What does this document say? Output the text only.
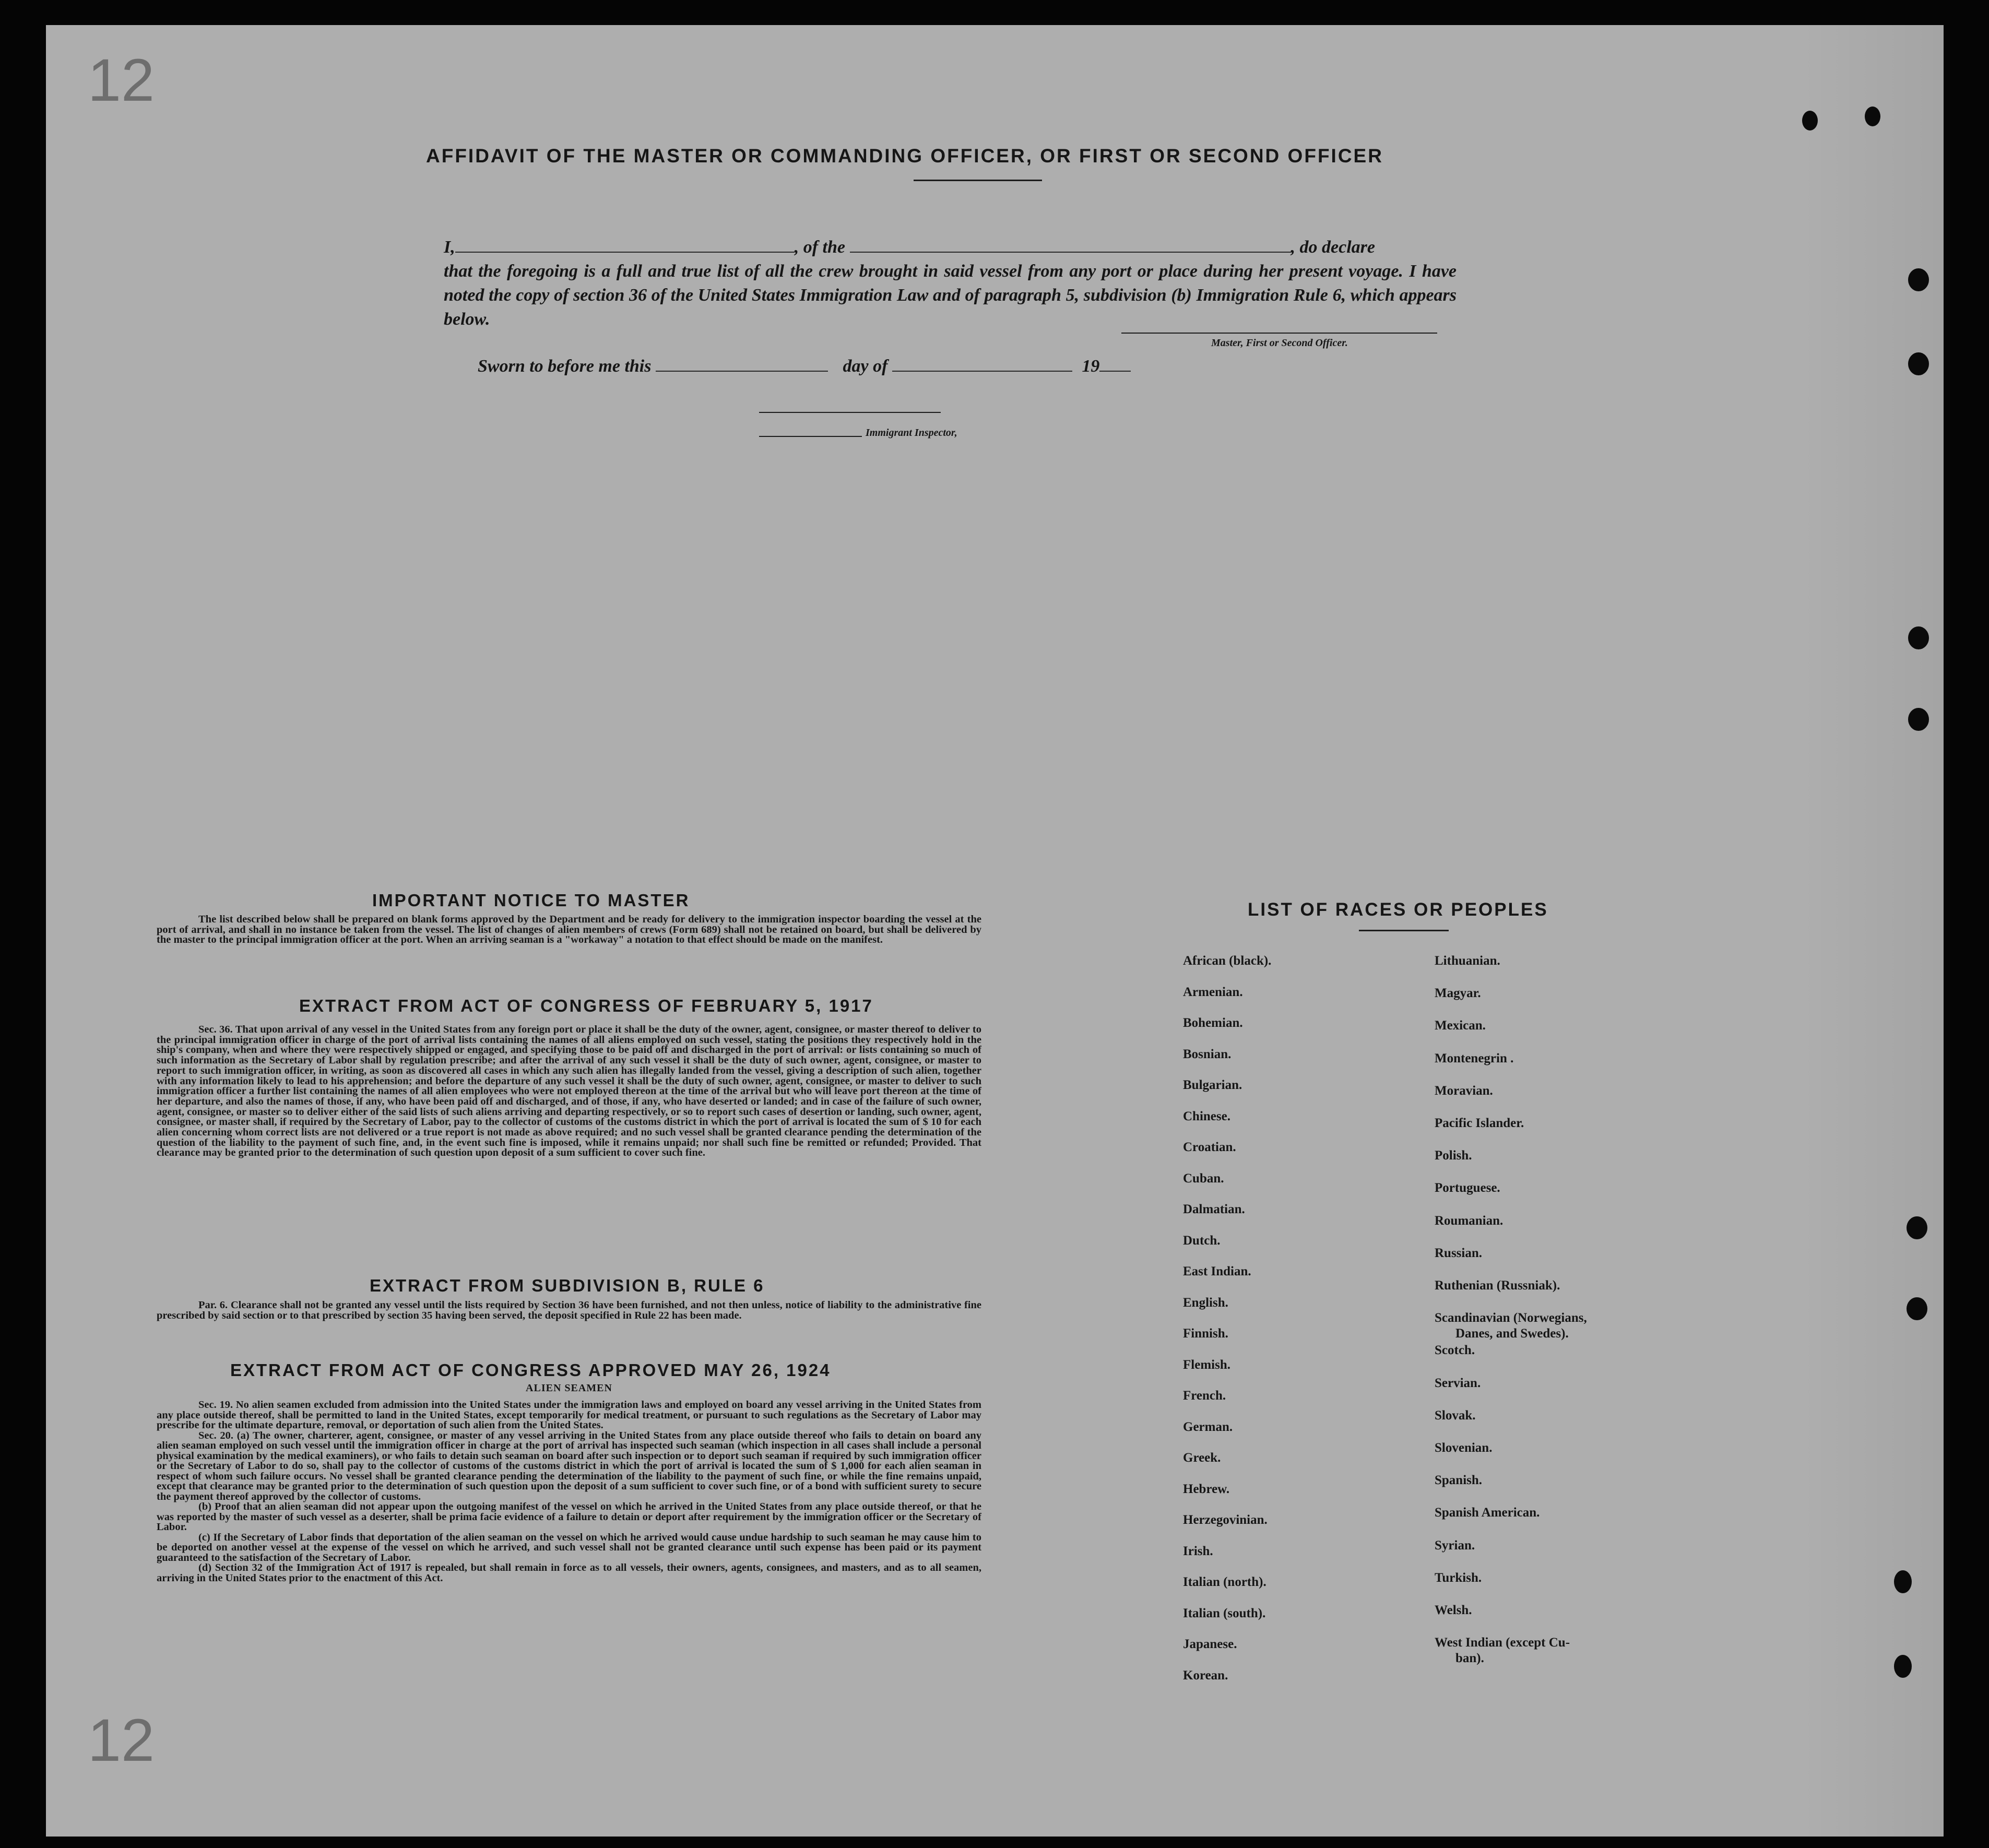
12
12
AFFIDAVIT OF THE MASTER OR COMMANDING OFFICER, OR FIRST OR SECOND OFFICER
I,	, of the	, do declare
that the foregoing is a full and true list of all the crew brought in said vessel from any port or place during her present voyage. I have noted the copy of section 36 of the United States Immigration Law and of paragraph 5, subdivision (b) Immigration Rule 6, which appears below.
Master, First or Second Officer.
Sworn to before me this	day of	19
Immigrant Inspector,
IMPORTANT NOTICE TO MASTER

The list described below shall be prepared on blank forms approved by the Department and be ready for delivery to the immigration inspector boarding the vessel at the port of arrival, and shall in no instance be taken from the vessel. The list of changes of alien members of crews (Form 689) shall not be retained on board, but shall be delivered by the master to the principal immigration officer at the port. When an arriving seaman is a "workaway" a notation to that effect should be made on the manifest.

EXTRACT FROM ACT OF CONGRESS OF FEBRUARY 5, 1917

Sec. 36. That upon arrival of any vessel in the United States from any foreign port or place it shall be the duty of the owner, agent, consignee, or master thereof to deliver to the principal immigration officer in charge of the port of arrival lists containing the names of all aliens employed on such vessel, stating the positions they respectively hold in the ship's company, when and where they were respectively shipped or engaged, and specifying those to be paid off and discharged in the port of arrival: or lists containing so much of such information as the Secretary of Labor shall by regulation prescribe; and after the arrival of any such vessel it shall be the duty of such owner, agent, consignee, or master to report to such immigration officer, in writing, as soon as discovered all cases in which any such alien has illegally landed from the vessel, giving a description of such alien, together with any information likely to lead to his apprehension; and before the departure of any such vessel it shall be the duty of such owner, agent, consignee, or master to deliver to such immigration officer a further list containing the names of all alien employees who were not employed thereon at the time of the arrival but who will leave port thereon at the time of her departure, and also the names of those, if any, who have been paid off and discharged, and of those, if any, who have deserted or landed; and in case of the failure of such owner, agent, consignee, or master so to deliver either of the said lists of such aliens arriving and departing respectively, or so to report such cases of desertion or landing, such owner, agent, consignee, or master shall, if required by the Secretary of Labor, pay to the collector of customs of the customs district in which the port of arrival is located the sum of $ 10 for each alien concerning whom correct lists are not delivered or a true report is not made as above required; and no such vessel shall be granted clearance pending the determination of the question of the liability to the payment of such fine, and, in the event such fine is imposed, while it remains unpaid; nor shall such fine be remitted or refunded; Provided. That clearance may be granted prior to the determination of such question upon deposit of a sum sufficient to cover such fine.

EXTRACT FROM SUBDIVISION B, RULE 6

Par. 6. Clearance shall not be granted any vessel until the lists required by Section 36 have been furnished, and not then unless, notice of liability to the administrative fine prescribed by said section or to that prescribed by section 35 having been served, the deposit specified in Rule 22 has been made.

EXTRACT FROM ACT OF CONGRESS APPROVED MAY 26, 1924
ALIEN SEAMEN

Sec. 19. No alien seamen excluded from admission into the United States under the immigration laws and employed on board any vessel arriving in the United States from any place outside thereof, shall be permitted to land in the United States, except temporarily for medical treatment, or pursuant to such regulations as the Secretary of Labor may prescribe for the ultimate departure, removal, or deportation of such alien from the United States.

Sec. 20. (a) The owner, charterer, agent, consignee, or master of any vessel arriving in the United States from any place outside thereof who fails to detain on board any alien seaman employed on such vessel until the immigration officer in charge at the port of arrival has inspected such seaman (which inspection in all cases shall include a personal physical examination by the medical examiners), or who fails to detain such seaman on board after such inspection or to deport such seaman if required by such immigration officer or the Secretary of Labor to do so, shall pay to the collector of customs of the customs district in which the port of arrival is located the sum of $ 1,000 for each alien seaman in respect of whom such failure occurs. No vessel shall be granted clearance pending the determination of the liability to the payment of such fine, or while the fine remains unpaid, except that clearance may be granted prior to the determination of such question upon the deposit of a sum sufficient to cover such fine, or of a bond with sufficient surety to secure the payment thereof approved by the collector of customs.

(b) Proof that an alien seaman did not appear upon the outgoing manifest of the vessel on which he arrived in the United States from any place outside thereof, or that he was reported by the master of such vessel as a deserter, shall be prima facie evidence of a failure to detain or deport after requirement by the immigration officer or the Secretary of Labor.

(c) If the Secretary of Labor finds that deportation of the alien seaman on the vessel on which he arrived would cause undue hardship to such seaman he may cause him to be deported on another vessel at the expense of the vessel on which he arrived, and such vessel shall not be granted clearance until such expense has been paid or its payment guaranteed to the satisfaction of the Secretary of Labor.

(d) Section 32 of the Immigration Act of 1917 is repealed, but shall remain in force as to all vessels, their owners, agents, consignees, and masters, and as to all seamen, arriving in the United States prior to the enactment of this Act.

LIST OF RACES OR PEOPLES
African (black).
Armenian.
Bohemian.
Bosnian.
Bulgarian.
Chinese.
Croatian.
Cuban.
Dalmatian.
Dutch.
East Indian.
English.
Finnish.
Flemish.
French.
German.
Greek.
Hebrew.
Herzegovinian.
Irish.
Italian (north).
Italian (south).
Japanese.
Korean.
Lithuanian.
Magyar.
Mexican.
Montenegrin .
Moravian.
Pacific Islander.
Polish.
Portuguese.
Roumanian.
Russian.
Ruthenian (Russniak).
Scandinavian (Norwegians,
Danes, and Swedes).
Scotch.
Servian.
Slovak.
Slovenian.
Spanish.
Spanish American.
Syrian.
Turkish.
Welsh.
West Indian (except Cu-
ban).
